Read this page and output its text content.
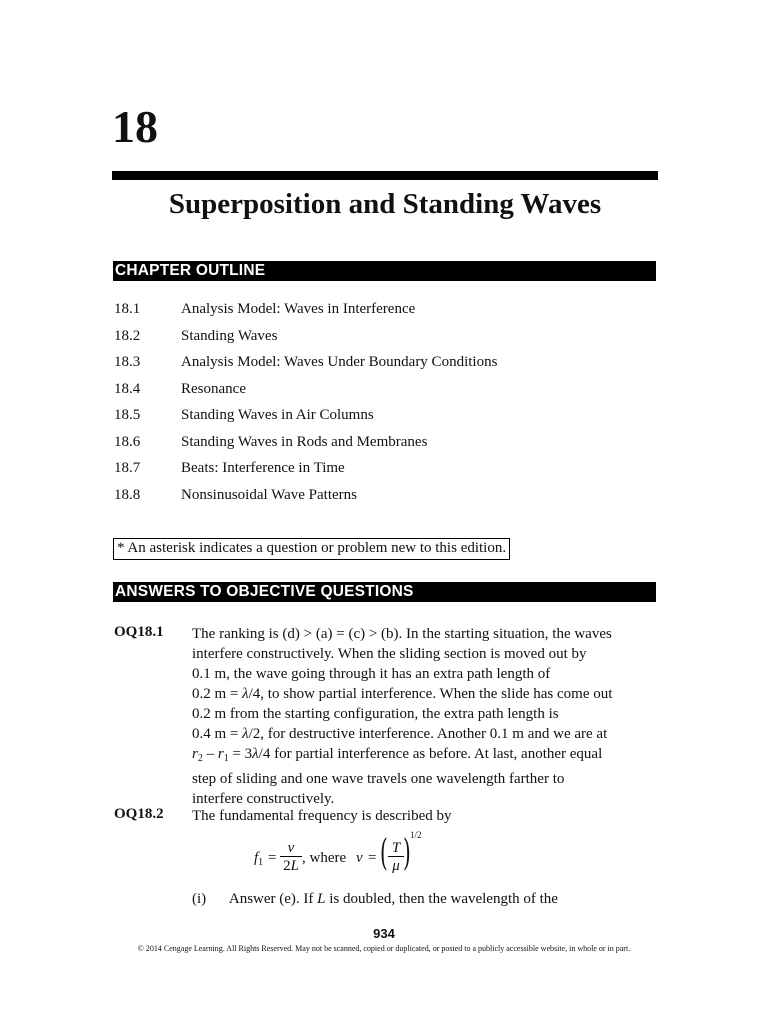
18
Superposition and Standing Waves
CHAPTER OUTLINE
18.1	Analysis Model: Waves in Interference
18.2	Standing Waves
18.3	Analysis Model: Waves Under Boundary Conditions
18.4	Resonance
18.5	Standing Waves in Air Columns
18.6	Standing Waves in Rods and Membranes
18.7	Beats: Interference in Time
18.8	Nonsinusoidal Wave Patterns
* An asterisk indicates a question or problem new to this edition.
ANSWERS TO OBJECTIVE QUESTIONS
OQ18.1 The ranking is (d) > (a) = (c) > (b). In the starting situation, the waves
interfere constructively. When the sliding section is moved out by
0.1 m, the wave going through it has an extra path length of
0.2 m = λ/4, to show partial interference. When the slide has come out
0.2 m from the starting configuration, the extra path length is
0.4 m = λ/2, for destructive interference. Another 0.1 m and we are at
$r_2 - r_1 = 3\lambda/4$ for partial interference as before. At last, another equal
step of sliding and one wave travels one wavelength farther to
interfere constructively.
OQ18.2 The fundamental frequency is described by
$f_1$ =
v
2L , where v = ( T
μ ) 1/2
(i) Answer (e). If L is doubled, then the wavelength of the
934
© 2014 Cengage Learning. All Rights Reserved. May not be scanned, copied or duplicated, or posted to a publicly accessible website, in whole or in part.
